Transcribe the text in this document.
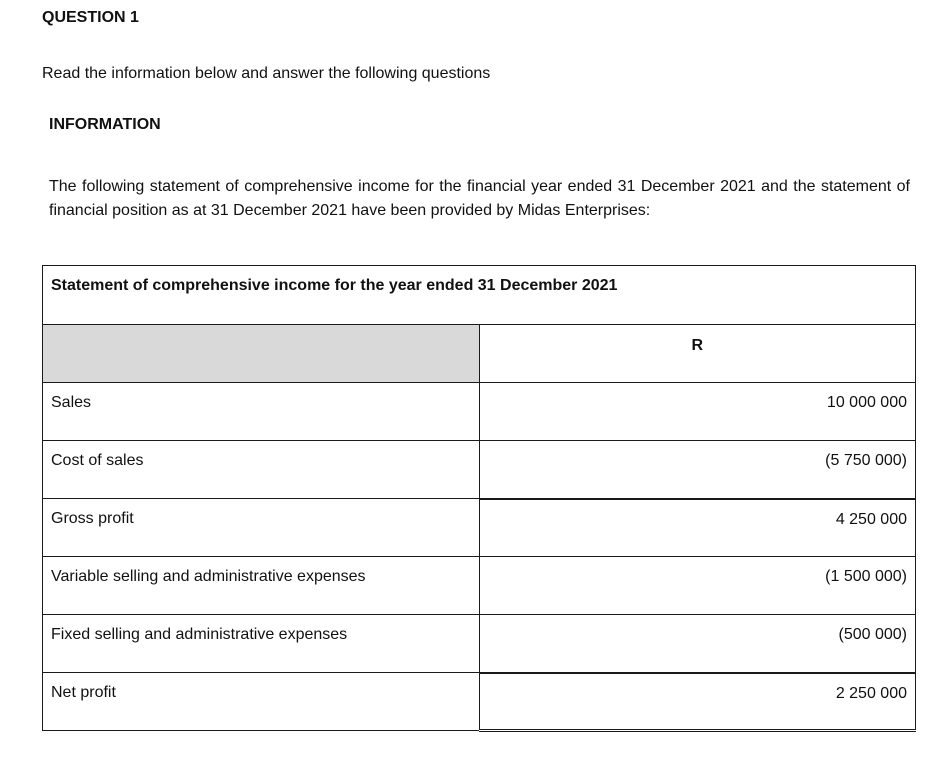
QUESTION 1
Read the information below and answer the following questions
INFORMATION
The following statement of comprehensive income for the financial year ended 31 December 2021 and the statement of financial position as at 31 December 2021 have been provided by Midas Enterprises:
Statement of comprehensive income for the year ended 31 December 2021	
	R
Sales	10 000 000
Cost of sales	(5 750 000)
Gross profit	4 250 000
Variable selling and administrative expenses	(1 500 000)
Fixed selling and administrative expenses	(500 000)
Net profit	2 250 000
